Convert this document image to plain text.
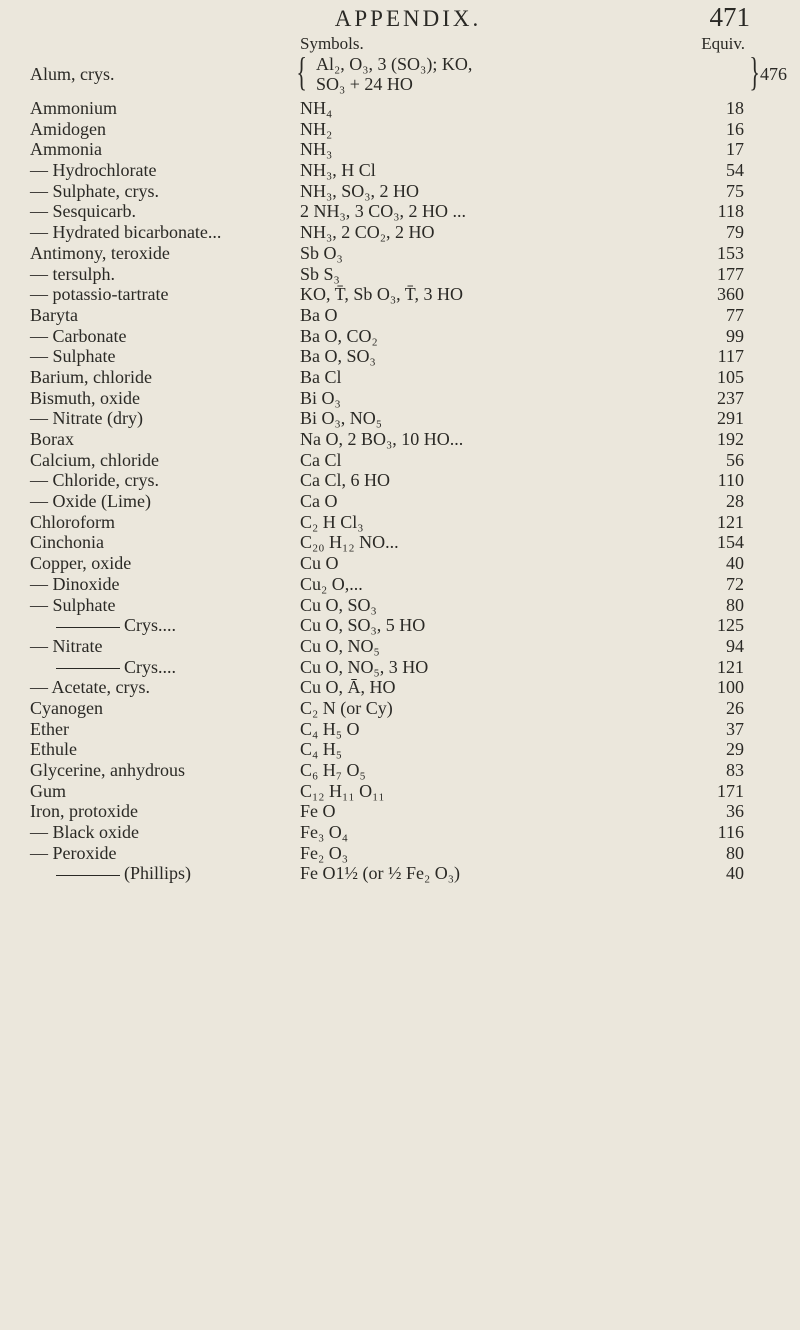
APPENDIX.	471
Symbols.	Equiv.
Alum, crys.	{ Al₂, O₃, 3 (SO₃); KO,
SO₃ + 24 HO	} 476
Ammonium	NH₄	18
Amidogen	NH₂	16
Ammonia	NH₃	17
— Hydrochlorate	NH₃, H Cl	54
— Sulphate, crys.	NH₃, SO₃, 2 HO	75
— Sesquicarb.	2 NH₃, 3 CO₃, 2 HO ...	118
— Hydrated bicarbonate...	NH₃, 2 CO₂, 2 HO	79
Antimony, teroxide	Sb O₃	153
— tersulph.	Sb S₃	177
— potassio-tartrate	KO, T̄, Sb O₃, T̄, 3 HO	360
Baryta	Ba O	77
— Carbonate	Ba O, CO₂	99
— Sulphate	Ba O, SO₃	117
Barium, chloride	Ba Cl	105
Bismuth, oxide	Bi O₃	237
— Nitrate (dry)	Bi O₃, NO₅	291
Borax	Na O, 2 BO₃, 10 HO...	192
Calcium, chloride	Ca Cl	56
— Chloride, crys.	Ca Cl, 6 HO	110
— Oxide (Lime)	Ca O	28
Chloroform	C₂ H Cl₃	121
Cinchonia	C₂₀ H₁₂ NO...	154
Copper, oxide	Cu O	40
— Dinoxide	Cu₂ O,...	72
— Sulphate	Cu O, SO₃	80
Crys....	Cu O, SO₃, 5 HO	125
— Nitrate	Cu O, NO₅	94
Crys....	Cu O, NO₅, 3 HO	121
— Acetate, crys.	Cu O, Ā, HO	100
Cyanogen	C₂ N (or Cy)	26
Ether	C₄ H₅ O	37
Ethule	C₄ H₅	29
Glycerine, anhydrous	C₆ H₇ O₅	83
Gum	C₁₂ H₁₁ O₁₁	171
Iron, protoxide	Fe O	36
— Black oxide	Fe₃ O₄	116
— Peroxide	Fe₂ O₃	80
(Phillips)	Fe O1½ (or ½ Fe₂ O₃)	40
